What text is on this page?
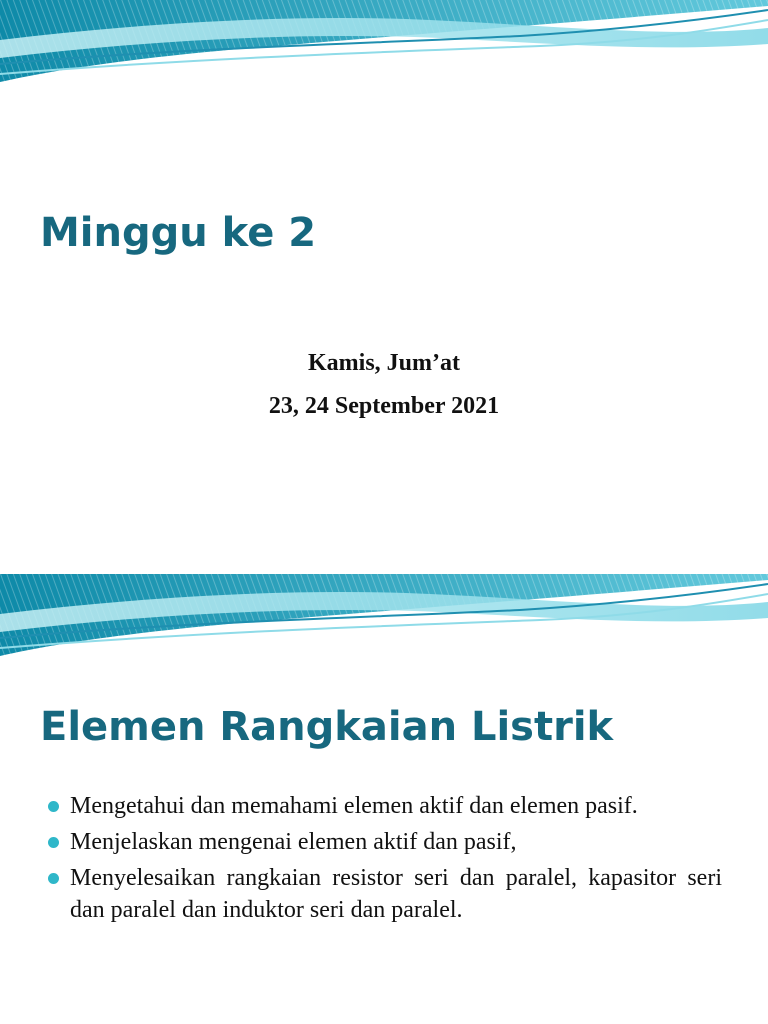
Minggu ke 2
Kamis, Jum’at
23, 24 September 2021
Elemen Rangkaian Listrik
Mengetahui dan memahami elemen aktif dan elemen pasif.
Menjelaskan mengenai elemen aktif dan pasif,
Menyelesaikan rangkaian resistor seri dan paralel, kapasitor seri dan paralel dan induktor seri dan paralel.
